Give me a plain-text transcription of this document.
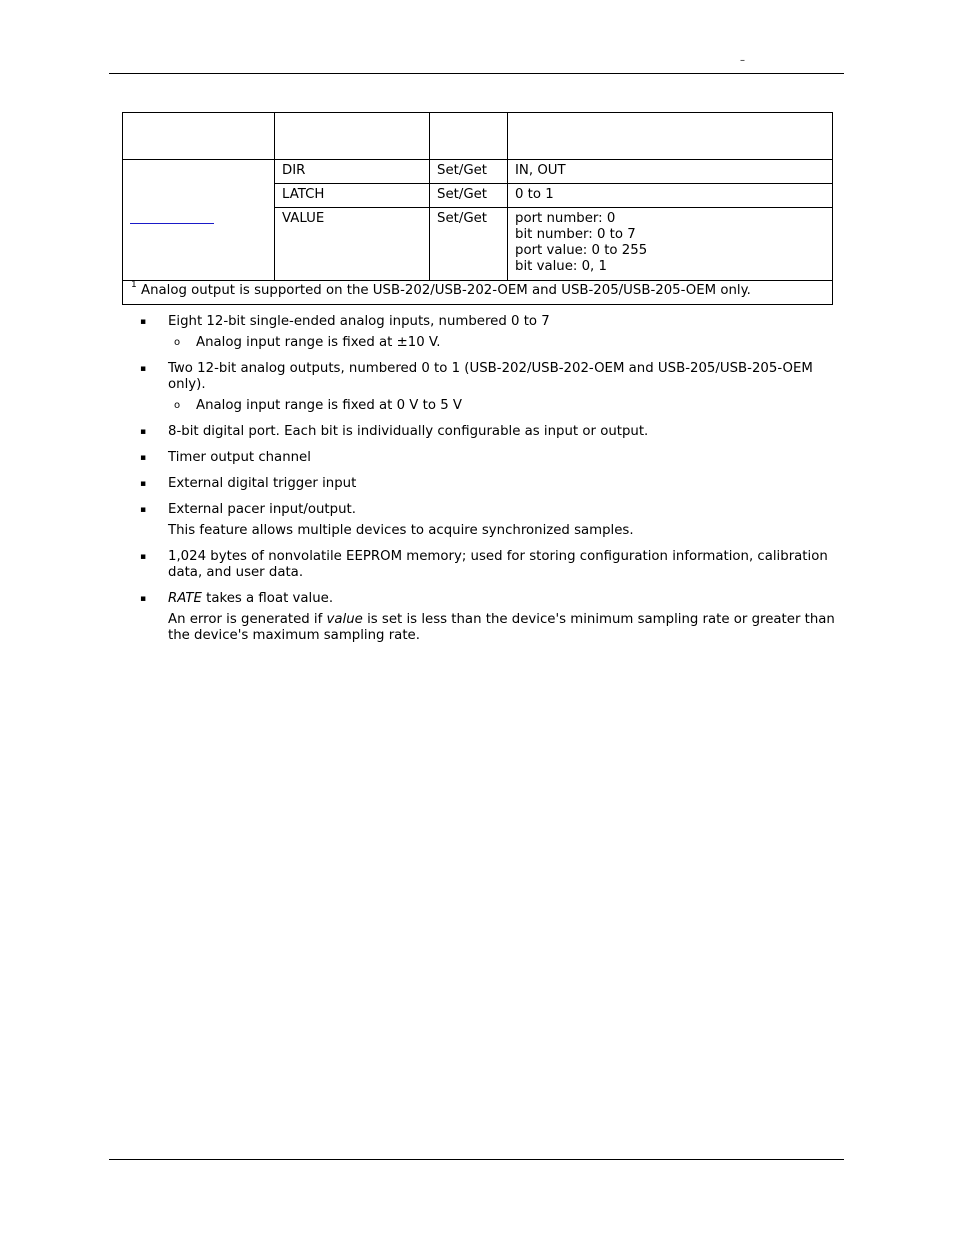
–

	DIR	Set/Get	IN, OUT
	LATCH	Set/Get	0 to 1
	VALUE	Set/Get	port number: 0
bit number: 0 to 7
port value: 0 to 255
bit value: 0, 1

$^1$ Analog output is supported on the USB-202/USB-202-OEM and USB-205/USB-205-OEM only.			
▪ Eight 12-bit single-ended analog inputs, numbered 0 to 7
o Analog input range is fixed at ±10 V.
▪ Two 12-bit analog outputs, numbered 0 to 1 (USB-202/USB-202-OEM and USB-205/USB-205-OEM only).
o Analog input range is fixed at 0 V to 5 V
▪ 8-bit digital port. Each bit is individually configurable as input or output.
▪ Timer output channel
▪ External digital trigger input
▪ External pacer input/output.
This feature allows multiple devices to acquire synchronized samples.
▪ 1,024 bytes of nonvolatile EEPROM memory; used for storing configuration information, calibration data, and user data.
▪ RATE takes a float value.
An error is generated if value is set is less than the device's minimum sampling rate or greater than the device's maximum sampling rate.
